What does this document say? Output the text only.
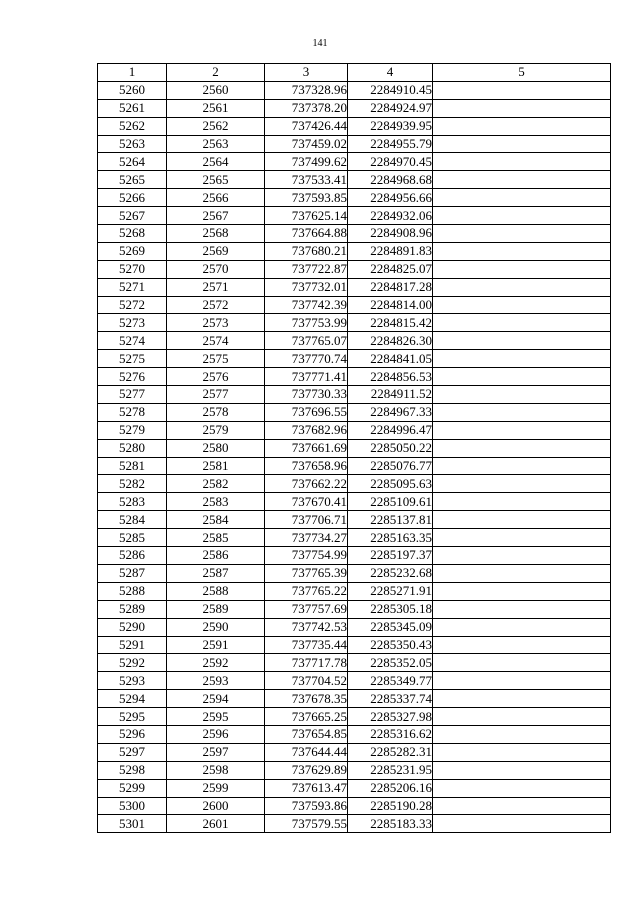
141
1	2	3	4	5
5260	2560	737328.96	2284910.45	
5261	2561	737378.20	2284924.97	
5262	2562	737426.44	2284939.95	
5263	2563	737459.02	2284955.79	
5264	2564	737499.62	2284970.45	
5265	2565	737533.41	2284968.68	
5266	2566	737593.85	2284956.66	
5267	2567	737625.14	2284932.06	
5268	2568	737664.88	2284908.96	
5269	2569	737680.21	2284891.83	
5270	2570	737722.87	2284825.07	
5271	2571	737732.01	2284817.28	
5272	2572	737742.39	2284814.00	
5273	2573	737753.99	2284815.42	
5274	2574	737765.07	2284826.30	
5275	2575	737770.74	2284841.05	
5276	2576	737771.41	2284856.53	
5277	2577	737730.33	2284911.52	
5278	2578	737696.55	2284967.33	
5279	2579	737682.96	2284996.47	
5280	2580	737661.69	2285050.22	
5281	2581	737658.96	2285076.77	
5282	2582	737662.22	2285095.63	
5283	2583	737670.41	2285109.61	
5284	2584	737706.71	2285137.81	
5285	2585	737734.27	2285163.35	
5286	2586	737754.99	2285197.37	
5287	2587	737765.39	2285232.68	
5288	2588	737765.22	2285271.91	
5289	2589	737757.69	2285305.18	
5290	2590	737742.53	2285345.09	
5291	2591	737735.44	2285350.43	
5292	2592	737717.78	2285352.05	
5293	2593	737704.52	2285349.77	
5294	2594	737678.35	2285337.74	
5295	2595	737665.25	2285327.98	
5296	2596	737654.85	2285316.62	
5297	2597	737644.44	2285282.31	
5298	2598	737629.89	2285231.95	
5299	2599	737613.47	2285206.16	
5300	2600	737593.86	2285190.28	
5301	2601	737579.55	2285183.33	
